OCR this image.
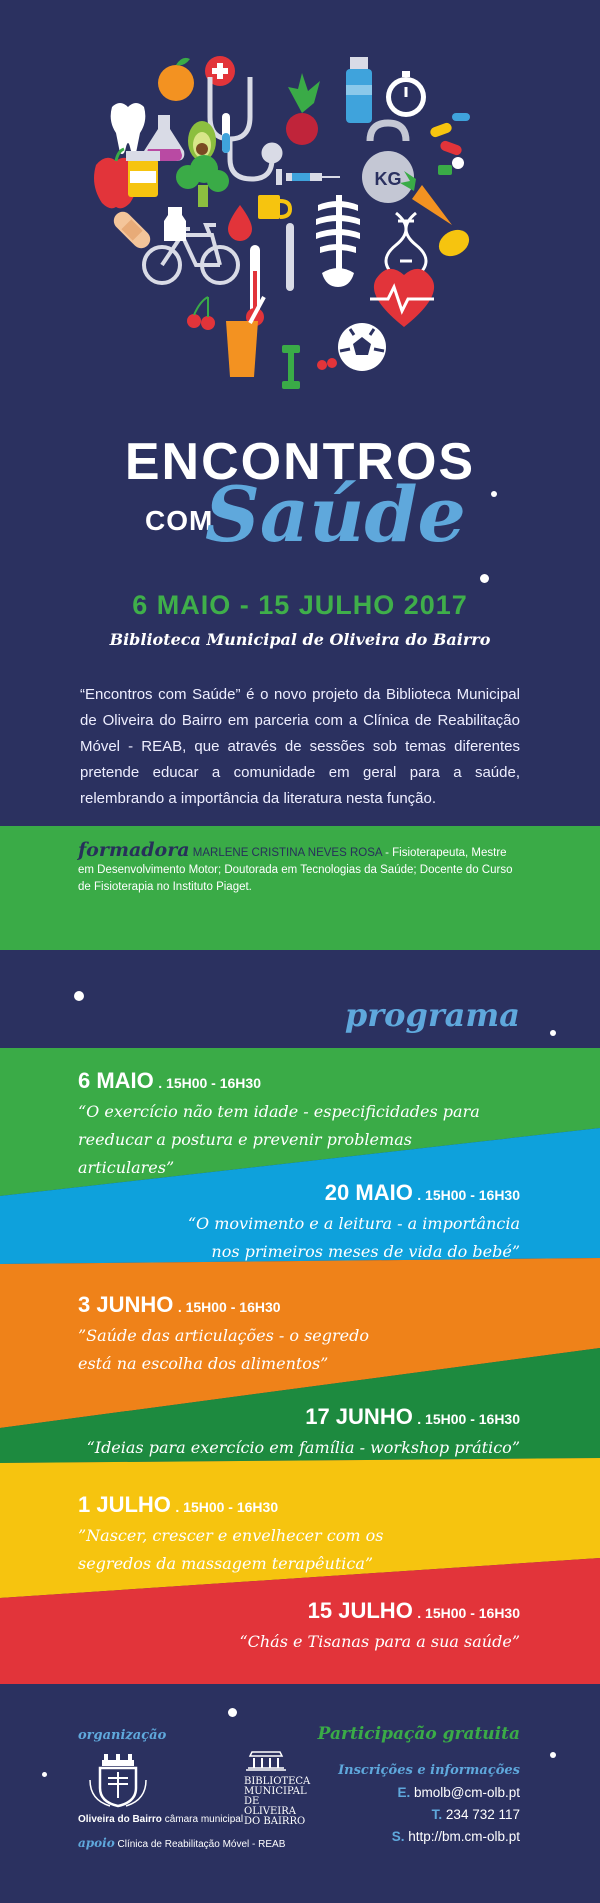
KG
ENCONTROS
COM
Saúde
6 MAIO - 15 JULHO 2017
Biblioteca Municipal de Oliveira do Bairro
“Encontros com Saúde” é o novo projeto da Biblioteca Municipal de Oliveira do Bairro em parceria com a Clínica de Reabilitação Móvel - REAB, que através de sessões sob temas diferentes pretende educar a comunidade em geral para a saúde, relembrando a importância da literatura nesta função.
formadora MARLENE CRISTINA NEVES ROSA - Fisioterapeuta, Mestre em Desenvolvimento Motor; Doutorada em Tecnologias da Saúde; Docente do Curso de Fisioterapia no Instituto Piaget.
programa
6 MAIO . 15H00 - 16H30
“O exercício não tem idade - especificidades para reeducar a postura e prevenir problemas articulares”
20 MAIO . 15H00 - 16H30
“O movimento e a leitura - a importância nos primeiros meses de vida do bebé”
3 JUNHO . 15H00 - 16H30
”Saúde das articulações - o segredo está na escolha dos alimentos”
17 JUNHO . 15H00 - 16H30
“Ideias para exercício em família - workshop prático”
1 JULHO . 15H00 - 16H30
”Nascer, crescer e envelhecer com os segredos da massagem terapêutica”
15 JULHO . 15H00 - 16H30
“Chás e Tisanas para a sua saúde”
organização
Oliveira do Bairro câmara municipal
BIBLIOTECA
MUNICIPAL
DE OLIVEIRA
DO BAIRRO
apoio Clínica de Reabilitação Móvel - REAB
Participação gratuita
Inscrições e informações
E. bmolb@cm-olb.pt
T. 234 732 117
S. http://bm.cm-olb.pt
